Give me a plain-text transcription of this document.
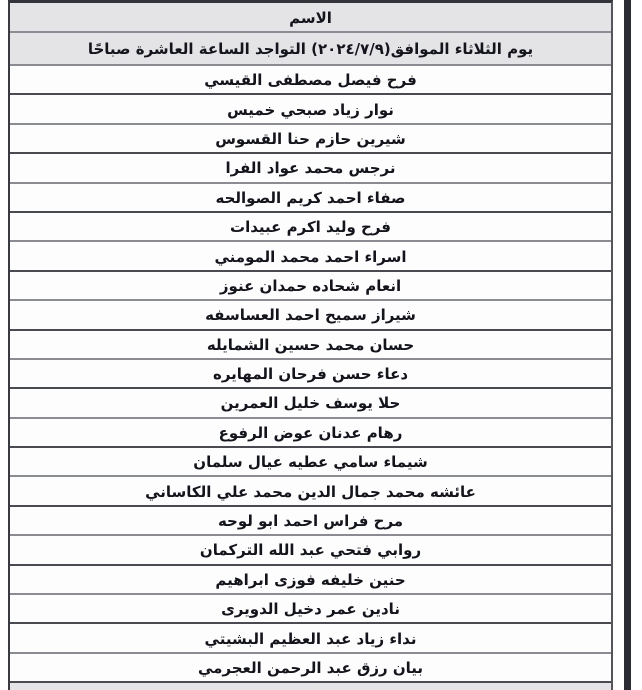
الاسم
يوم الثلاثاء الموافق(٢٠٢٤/٧/٩) التواجد الساعة العاشرة صباحًا
فرح فيصل مصطفى القيسي
نوار زياد صبحي خميس
شيرين حازم حنا القسوس
نرجس محمد عواد الفرا
صفاء احمد كريم الصوالحه
فرح وليد اكرم عبيدات
اسراء احمد محمد المومني
انعام شحاده حمدان عنوز
شيراز سميح احمد العساسفه
حسان محمد حسين الشمايله
دعاء حسن فرحان المهايره
حلا يوسف خليل العمرين
رهام عدنان عوض الرفوع
شيماء سامي عطيه عيال سلمان
عائشه محمد جمال الدين محمد علي الكاساني
مرح فراس احمد ابو لوحه
روابي فتحي عبد الله التركمان
حنين خليفه فوزى ابراهيم
نادين عمر دخيل الدويرى
نداء زياد عبد العظيم البشيتي
بيان رزق عبد الرحمن العجرمي
